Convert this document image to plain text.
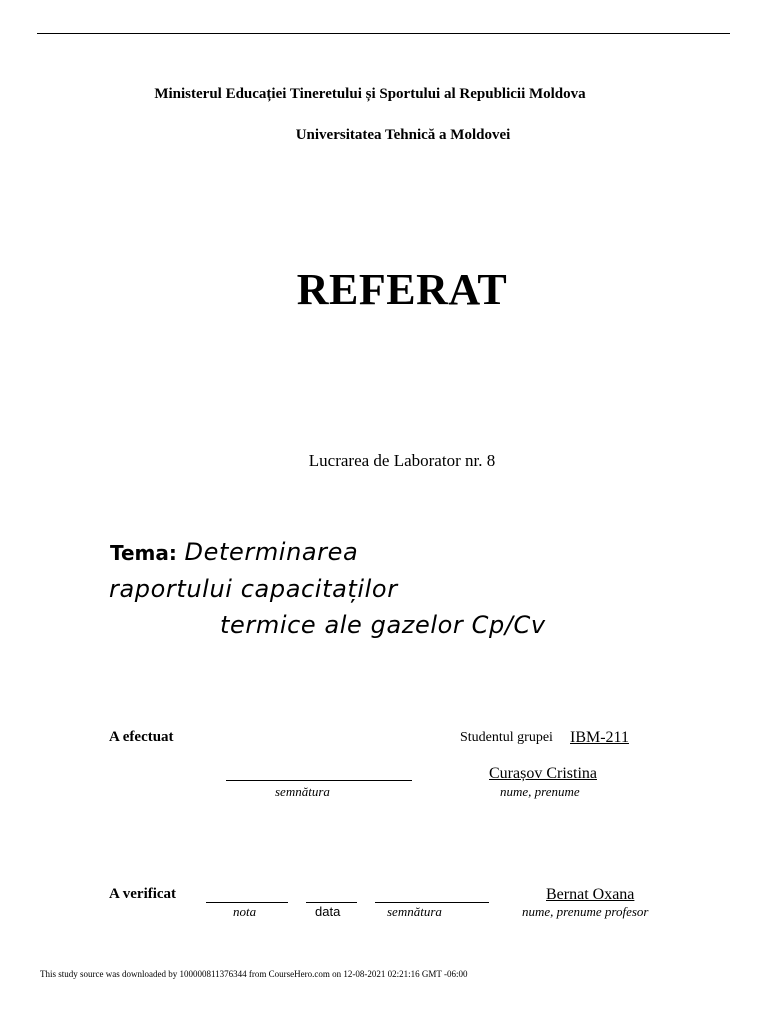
Ministerul Educației Tineretului și Sportului al Republicii Moldova
Universitatea Tehnică a Moldovei
REFERAT
Lucrarea de Laborator nr. 8
Tema: Determinarea
raportului capacitaților
termice ale gazelor Cp/Cv
A efectuat	Studentul grupei IBM-211
Curașov Cristina
semnătura	nume, prenume
A verificat	Bernat Oxana
nota	data	semnătura	nume, prenume profesor
This study source was downloaded by 100000811376344 from CourseHero.com on 12-08-2021 02:21:16 GMT -06:00
